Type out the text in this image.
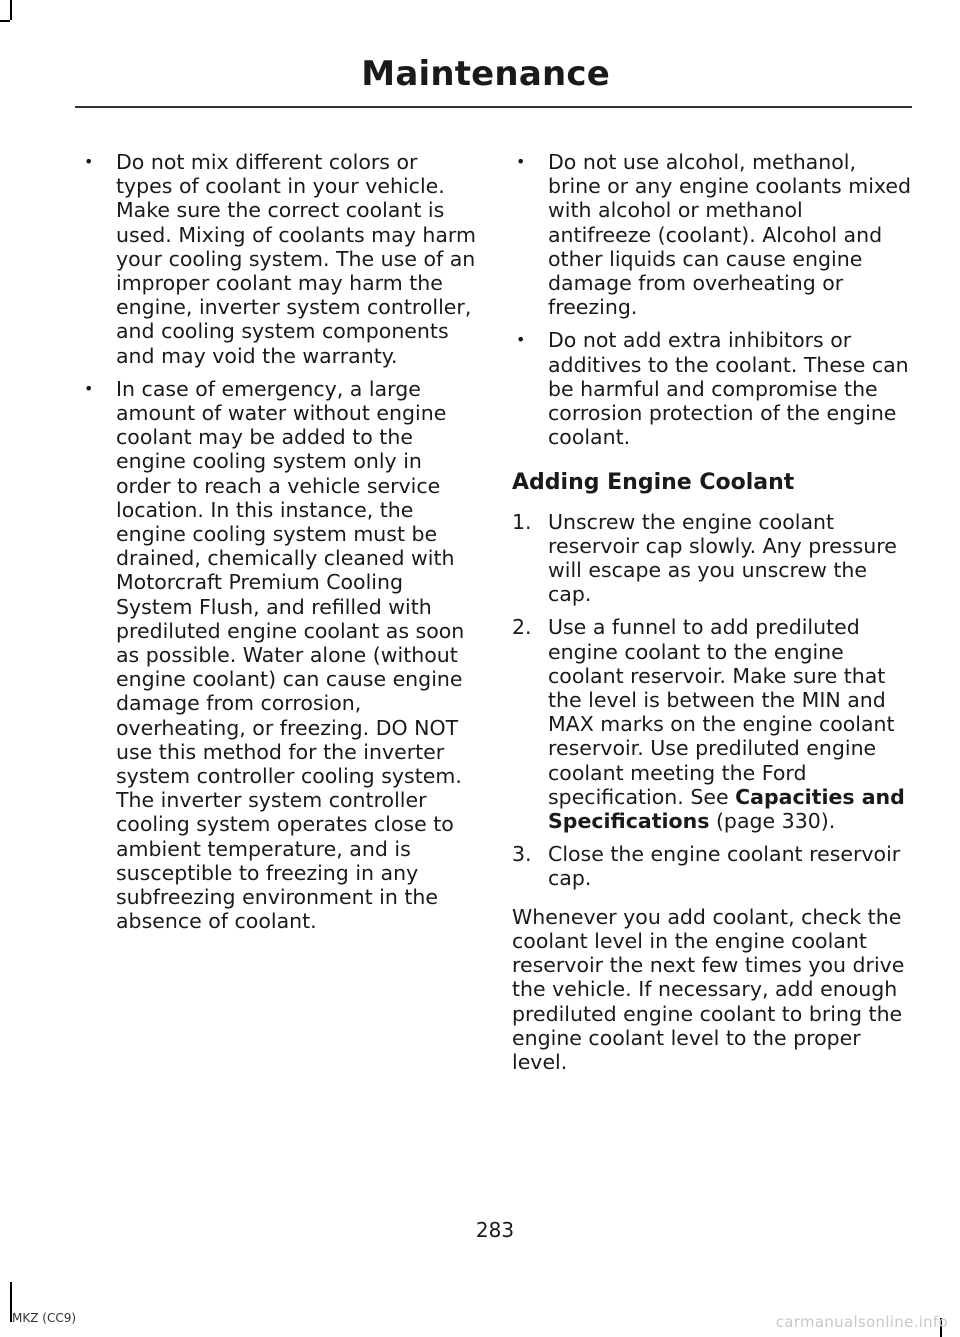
Maintenance
• Do not mix different colors or types of coolant in your vehicle. Make sure the correct coolant is used. Mixing of coolants may harm your cooling system. The use of an improper coolant may harm the engine, inverter system controller, and cooling system components and may void the warranty.
• In case of emergency, a large amount of water without engine coolant may be added to the engine cooling system only in order to reach a vehicle service location. In this instance, the engine cooling system must be drained, chemically cleaned with Motorcraft Premium Cooling System Flush, and refilled with prediluted engine coolant as soon as possible. Water alone (without engine coolant) can cause engine damage from corrosion, overheating, or freezing. DO NOT use this method for the inverter system controller cooling system. The inverter system controller cooling system operates close to ambient temperature, and is susceptible to freezing in any subfreezing environment in the absence of coolant.
• Do not use alcohol, methanol, brine or any engine coolants mixed with alcohol or methanol antifreeze (coolant). Alcohol and other liquids can cause engine damage from overheating or freezing.
• Do not add extra inhibitors or additives to the coolant. These can be harmful and compromise the corrosion protection of the engine coolant.
Adding Engine Coolant
1. Unscrew the engine coolant reservoir cap slowly. Any pressure will escape as you unscrew the cap.
2. Use a funnel to add prediluted engine coolant to the engine coolant reservoir. Make sure that the level is between the MIN and MAX marks on the engine coolant reservoir. Use prediluted engine coolant meeting the Ford specification. See Capacities and Specifications (page 330).
3. Close the engine coolant reservoir cap.

Whenever you add coolant, check the coolant level in the engine coolant reservoir the next few times you drive the vehicle. If necessary, add enough prediluted engine coolant to bring the engine coolant level to the proper level.

283
MKZ (CC9)	carmanualsonline.info
